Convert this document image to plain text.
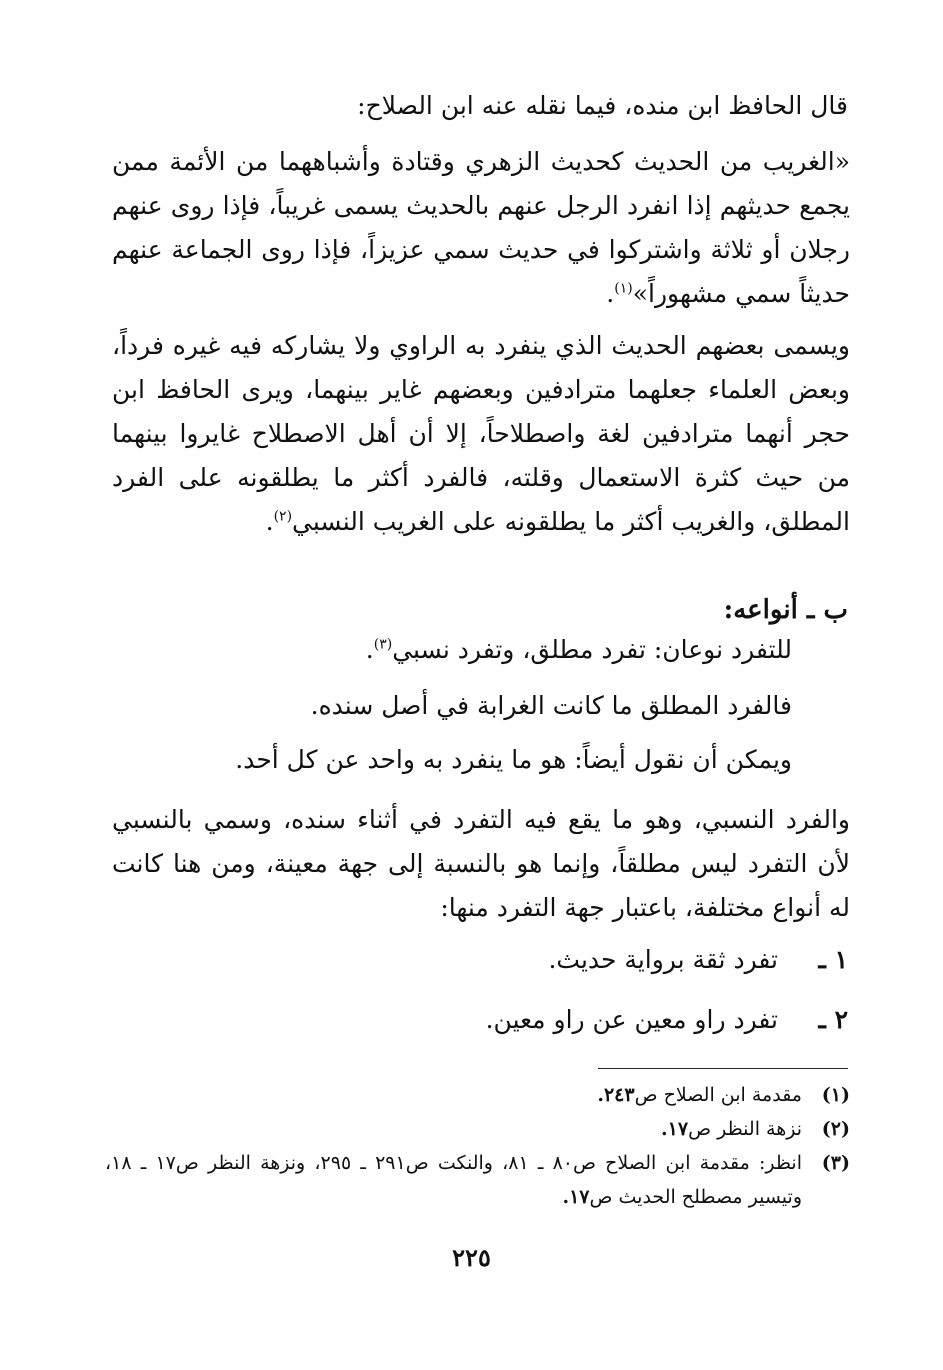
قال الحافظ ابن منده، فيما نقله عنه ابن الصلاح:
«الغريب من الحديث كحديث الزهري وقتادة وأشباههما من الأئمة ممن يجمع حديثهم إذا انفرد الرجل عنهم بالحديث يسمى غريباً، فإذا روى عنهم رجلان أو ثلاثة واشتركوا في حديث سمي عزيزاً، فإذا روى الجماعة عنهم حديثاً سمي مشهوراً»$^{(١)}$.
ويسمى بعضهم الحديث الذي ينفرد به الراوي ولا يشاركه فيه غيره فرداً، وبعض العلماء جعلهما مترادفين وبعضهم غاير بينهما، ويرى الحافظ ابن حجر أنهما مترادفين لغة واصطلاحاً، إلا أن أهل الاصطلاح غايروا بينهما من حيث كثرة الاستعمال وقلته، فالفرد أكثر ما يطلقونه على الفرد المطلق، والغريب أكثر ما يطلقونه على الغريب النسبي$^{(٢)}$.
ب ـ أنواعه:
للتفرد نوعان: تفرد مطلق، وتفرد نسبي$^{(٣)}$.
فالفرد المطلق ما كانت الغرابة في أصل سنده.
ويمكن أن نقول أيضاً: هو ما ينفرد به واحد عن كل أحد.
والفرد النسبي، وهو ما يقع فيه التفرد في أثناء سنده، وسمي بالنسبي لأن التفرد ليس مطلقاً، وإنما هو بالنسبة إلى جهة معينة، ومن هنا كانت له أنواع مختلفة، باعتبار جهة التفرد منها:
١ ـتفرد ثقة برواية حديث.
٢ ـتفرد راو معين عن راو معين.
(١)
مقدمة ابن الصلاح ص٢٤٣.
(٢)
نزهة النظر ص١٧.
(٣)
انظر: مقدمة ابن الصلاح ص٨٠ ـ ٨١، والنكت ص٢٩١ ـ ٢٩٥، ونزهة النظر ص١٧ ـ ١٨، وتيسير مصطلح الحديث ص١٧.
٢٢٥
